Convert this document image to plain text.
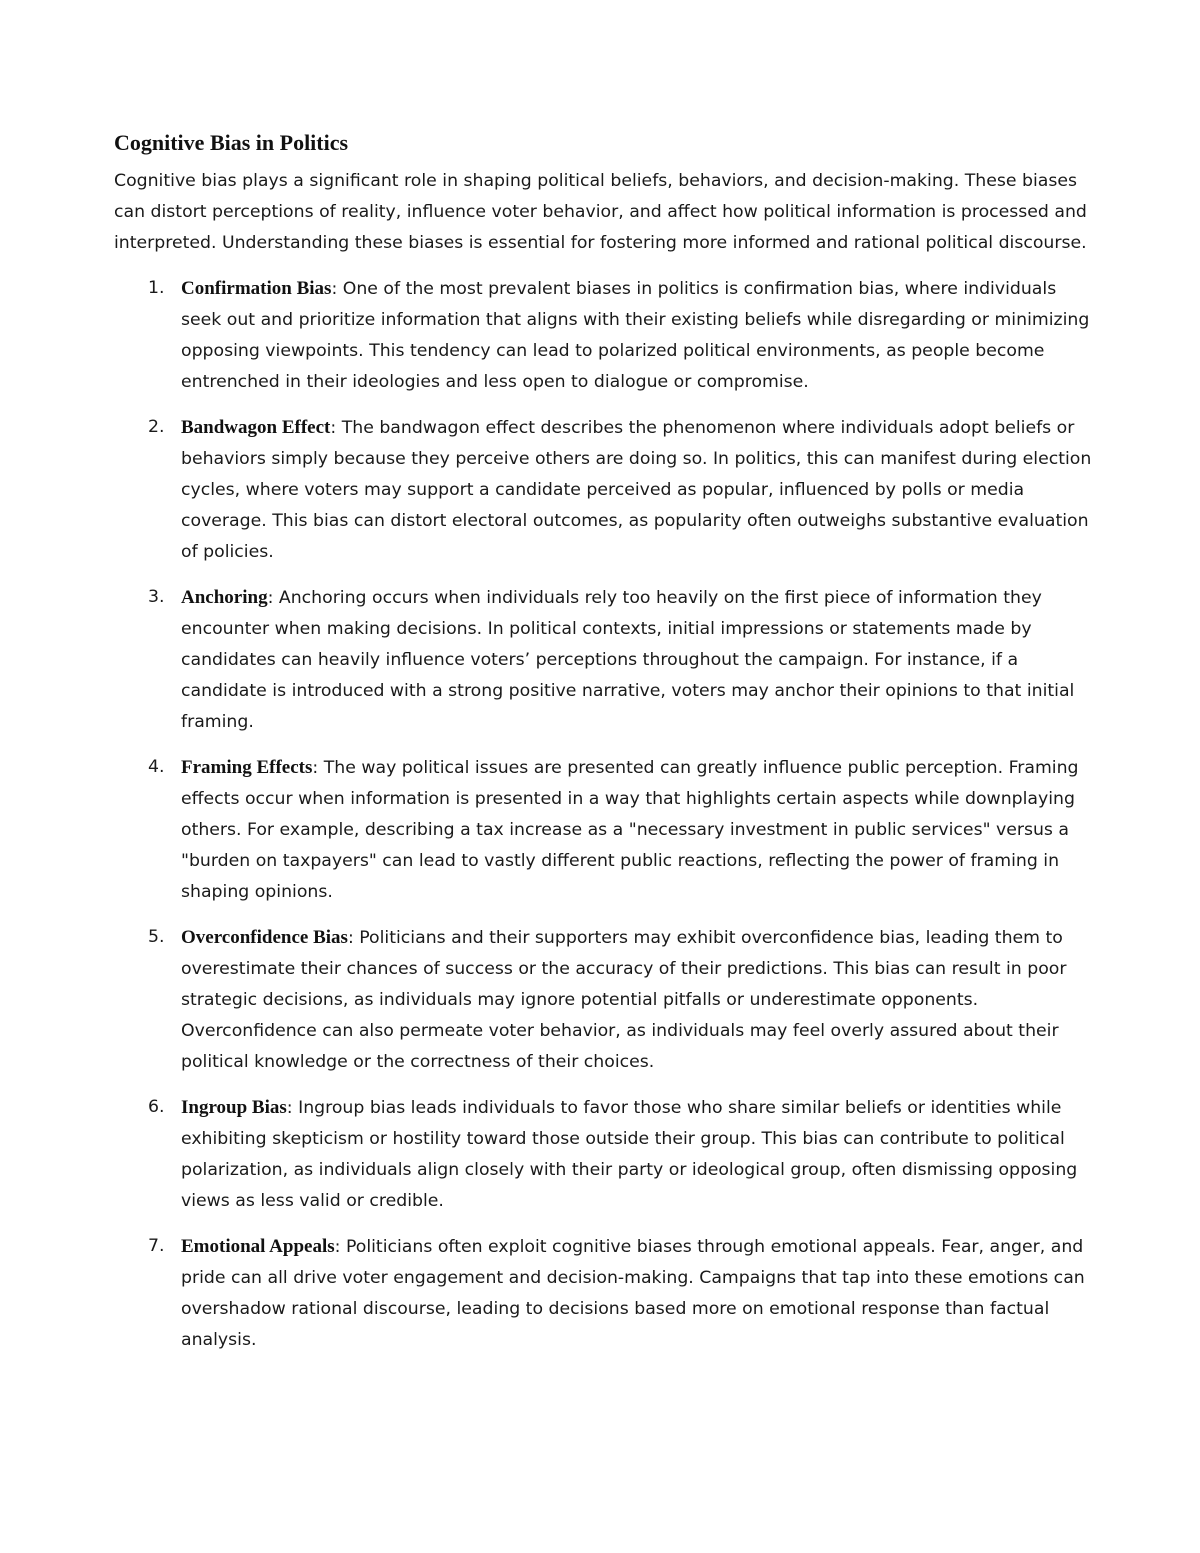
Cognitive Bias in Politics

Cognitive bias plays a significant role in shaping political beliefs, behaviors, and decision-making. These biases can distort perceptions of reality, influence voter behavior, and affect how political information is processed and interpreted. Understanding these biases is essential for fostering more informed and rational political discourse.

1. Confirmation Bias: One of the most prevalent biases in politics is confirmation bias, where individuals seek out and prioritize information that aligns with their existing beliefs while disregarding or minimizing opposing viewpoints. This tendency can lead to polarized political environments, as people become entrenched in their ideologies and less open to dialogue or compromise.
2. Bandwagon Effect: The bandwagon effect describes the phenomenon where individuals adopt beliefs or behaviors simply because they perceive others are doing so. In politics, this can manifest during election cycles, where voters may support a candidate perceived as popular, influenced by polls or media coverage. This bias can distort electoral outcomes, as popularity often outweighs substantive evaluation of policies.
3. Anchoring: Anchoring occurs when individuals rely too heavily on the first piece of information they encounter when making decisions. In political contexts, initial impressions or statements made by candidates can heavily influence voters’ perceptions throughout the campaign. For instance, if a candidate is introduced with a strong positive narrative, voters may anchor their opinions to that initial framing.
4. Framing Effects: The way political issues are presented can greatly influence public perception. Framing effects occur when information is presented in a way that highlights certain aspects while downplaying others. For example, describing a tax increase as a "necessary investment in public services" versus a "burden on taxpayers" can lead to vastly different public reactions, reflecting the power of framing in shaping opinions.
5. Overconfidence Bias: Politicians and their supporters may exhibit overconfidence bias, leading them to overestimate their chances of success or the accuracy of their predictions. This bias can result in poor strategic decisions, as individuals may ignore potential pitfalls or underestimate opponents. Overconfidence can also permeate voter behavior, as individuals may feel overly assured about their political knowledge or the correctness of their choices.
6. Ingroup Bias: Ingroup bias leads individuals to favor those who share similar beliefs or identities while exhibiting skepticism or hostility toward those outside their group. This bias can contribute to political polarization, as individuals align closely with their party or ideological group, often dismissing opposing views as less valid or credible.
7. Emotional Appeals: Politicians often exploit cognitive biases through emotional appeals. Fear, anger, and pride can all drive voter engagement and decision-making. Campaigns that tap into these emotions can overshadow rational discourse, leading to decisions based more on emotional response than factual analysis.
